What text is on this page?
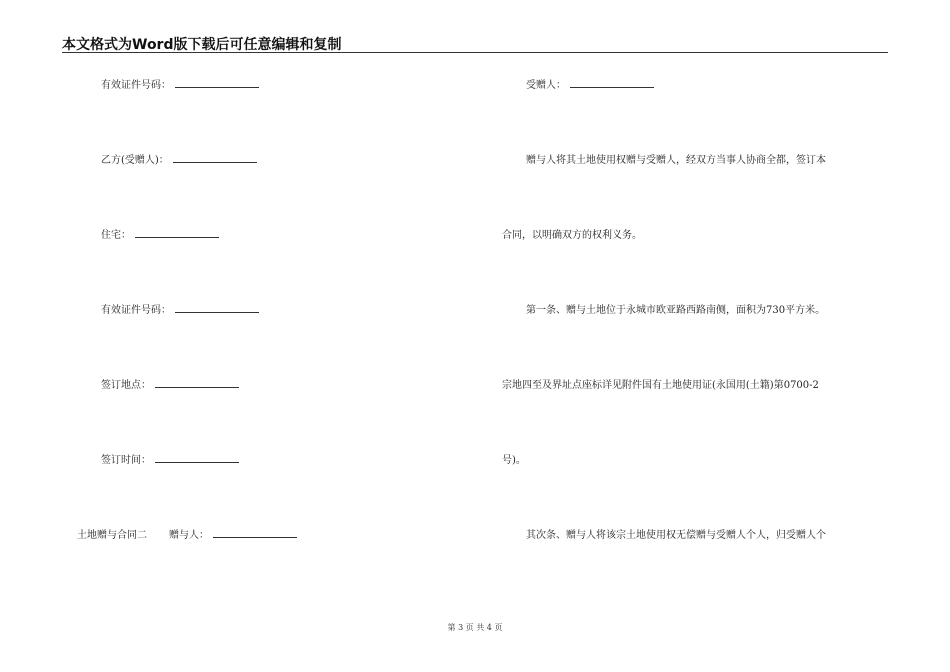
本文格式为Word版下载后可任意编辑和复制
有效证件号码：
乙方(受赠人)：
住宅：
有效证件号码：
签订地点：
签订时间：
土地赠与合同二 赠与人：
受赠人：
赠与人将其土地使用权赠与受赠人，经双方当事人协商全都，签订本
合同，以明确双方的权利义务。
第一条、赠与土地位于永城市欧亚路西路南侧，面积为730平方米。
宗地四至及界址点座标详见附件国有土地使用证(永国用(土籍)第0700-2
号)。
其次条、赠与人将该宗土地使用权无偿赠与受赠人个人，归受赠人个
第 3 页 共 4 页
